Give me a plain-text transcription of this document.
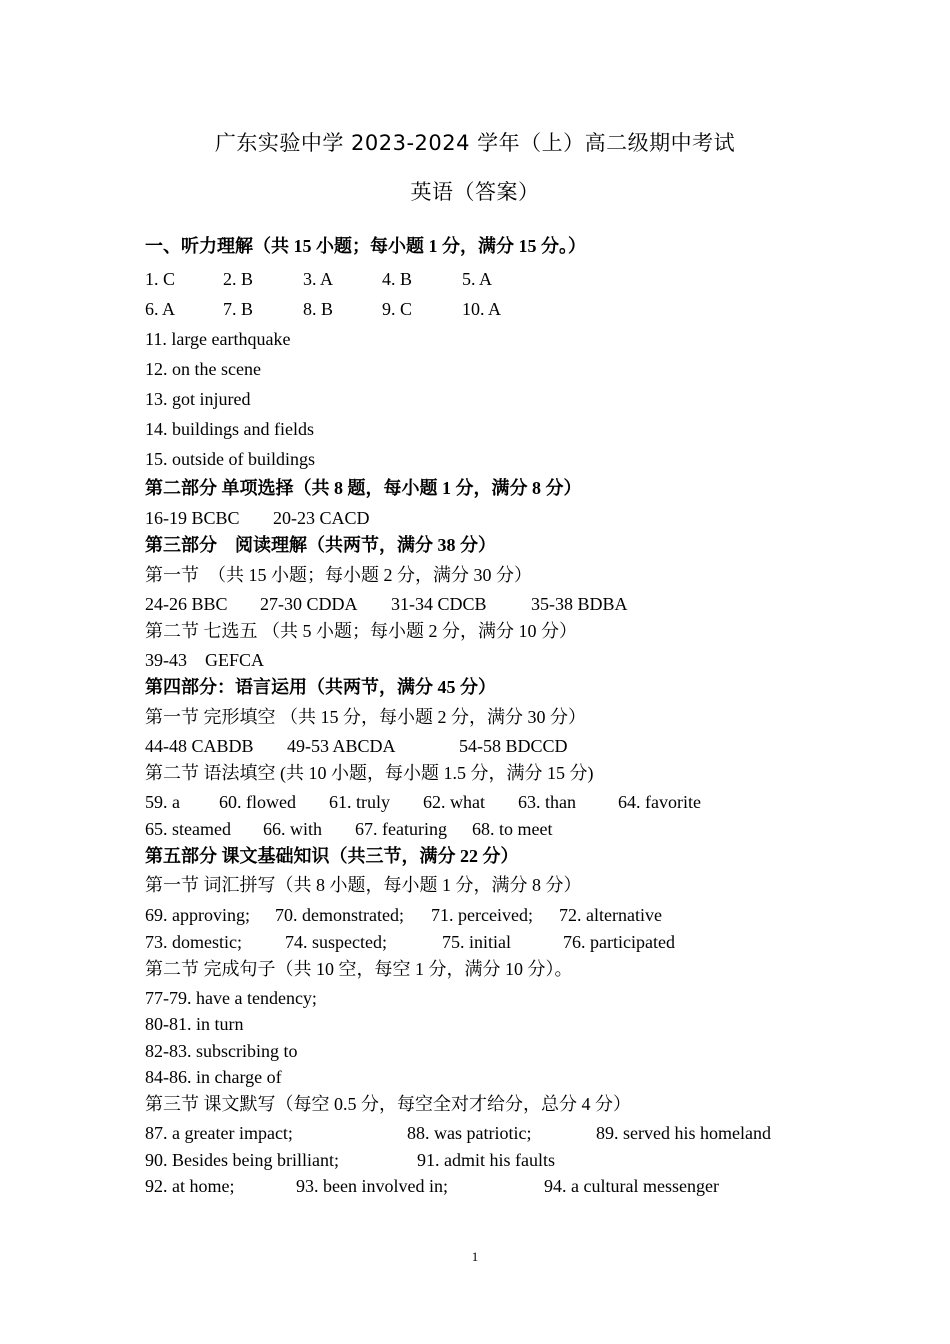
广东实验中学 2023-2024 学年（上）高二级期中考试
英语（答案）
一、听力理解（共 15 小题；每小题 1 分，满分 15 分。）
1. C	2. B	3. A	4. B	5. A
6. A	7. B	8. B	9. C	10. A
11. large earthquake
12. on the scene
13. got injured
14. buildings and fields
15. outside of buildings
第二部分 单项选择（共 8 题，每小题 1 分，满分 8 分）
16-19 BCBC 20-23 CACD
第三部分　阅读理解（共两节，满分 38 分）
第一节　（共 15 小题；每小题 2 分，满分 30 分）
24-26 BBC 27-30 CDDA 31-34 CDCB 35-38 BDBA
第二节 七选五 （共 5 小题；每小题 2 分，满分 10 分）
39-43　GEFCA
第四部分：语言运用（共两节，满分 45 分）
第一节 完形填空 （共 15 分，每小题 2 分，满分 30 分）
44-48 CABDB 49-53 ABCDA	54-58 BDCCD
第二节 语法填空 (共 10 小题，每小题 1.5 分，满分 15 分)
59. a 60. flowed 61. truly 62. what 63. than 64. favorite
65. steamed 66. with 67. featuring 68. to meet
第五部分 课文基础知识（共三节，满分 22 分）
第一节 词汇拼写（共 8 小题，每小题 1 分，满分 8 分）
69. approving; 70. demonstrated; 71. perceived; 72. alternative
73. domestic; 74. suspected;	75. initial	76. participated
第二节 完成句子（共 10 空，每空 1 分，满分 10 分）。
77-79. have a tendency;
80-81. in turn
82-83. subscribing to
84-86. in charge of
第三节 课文默写（每空 0.5 分，每空全对才给分，总分 4 分）
87. a greater impact;	88. was patriotic;	89. served his homeland
90. Besides being brilliant;	91. admit his faults
92. at home;	93. been involved in;	94. a cultural messenger
1
